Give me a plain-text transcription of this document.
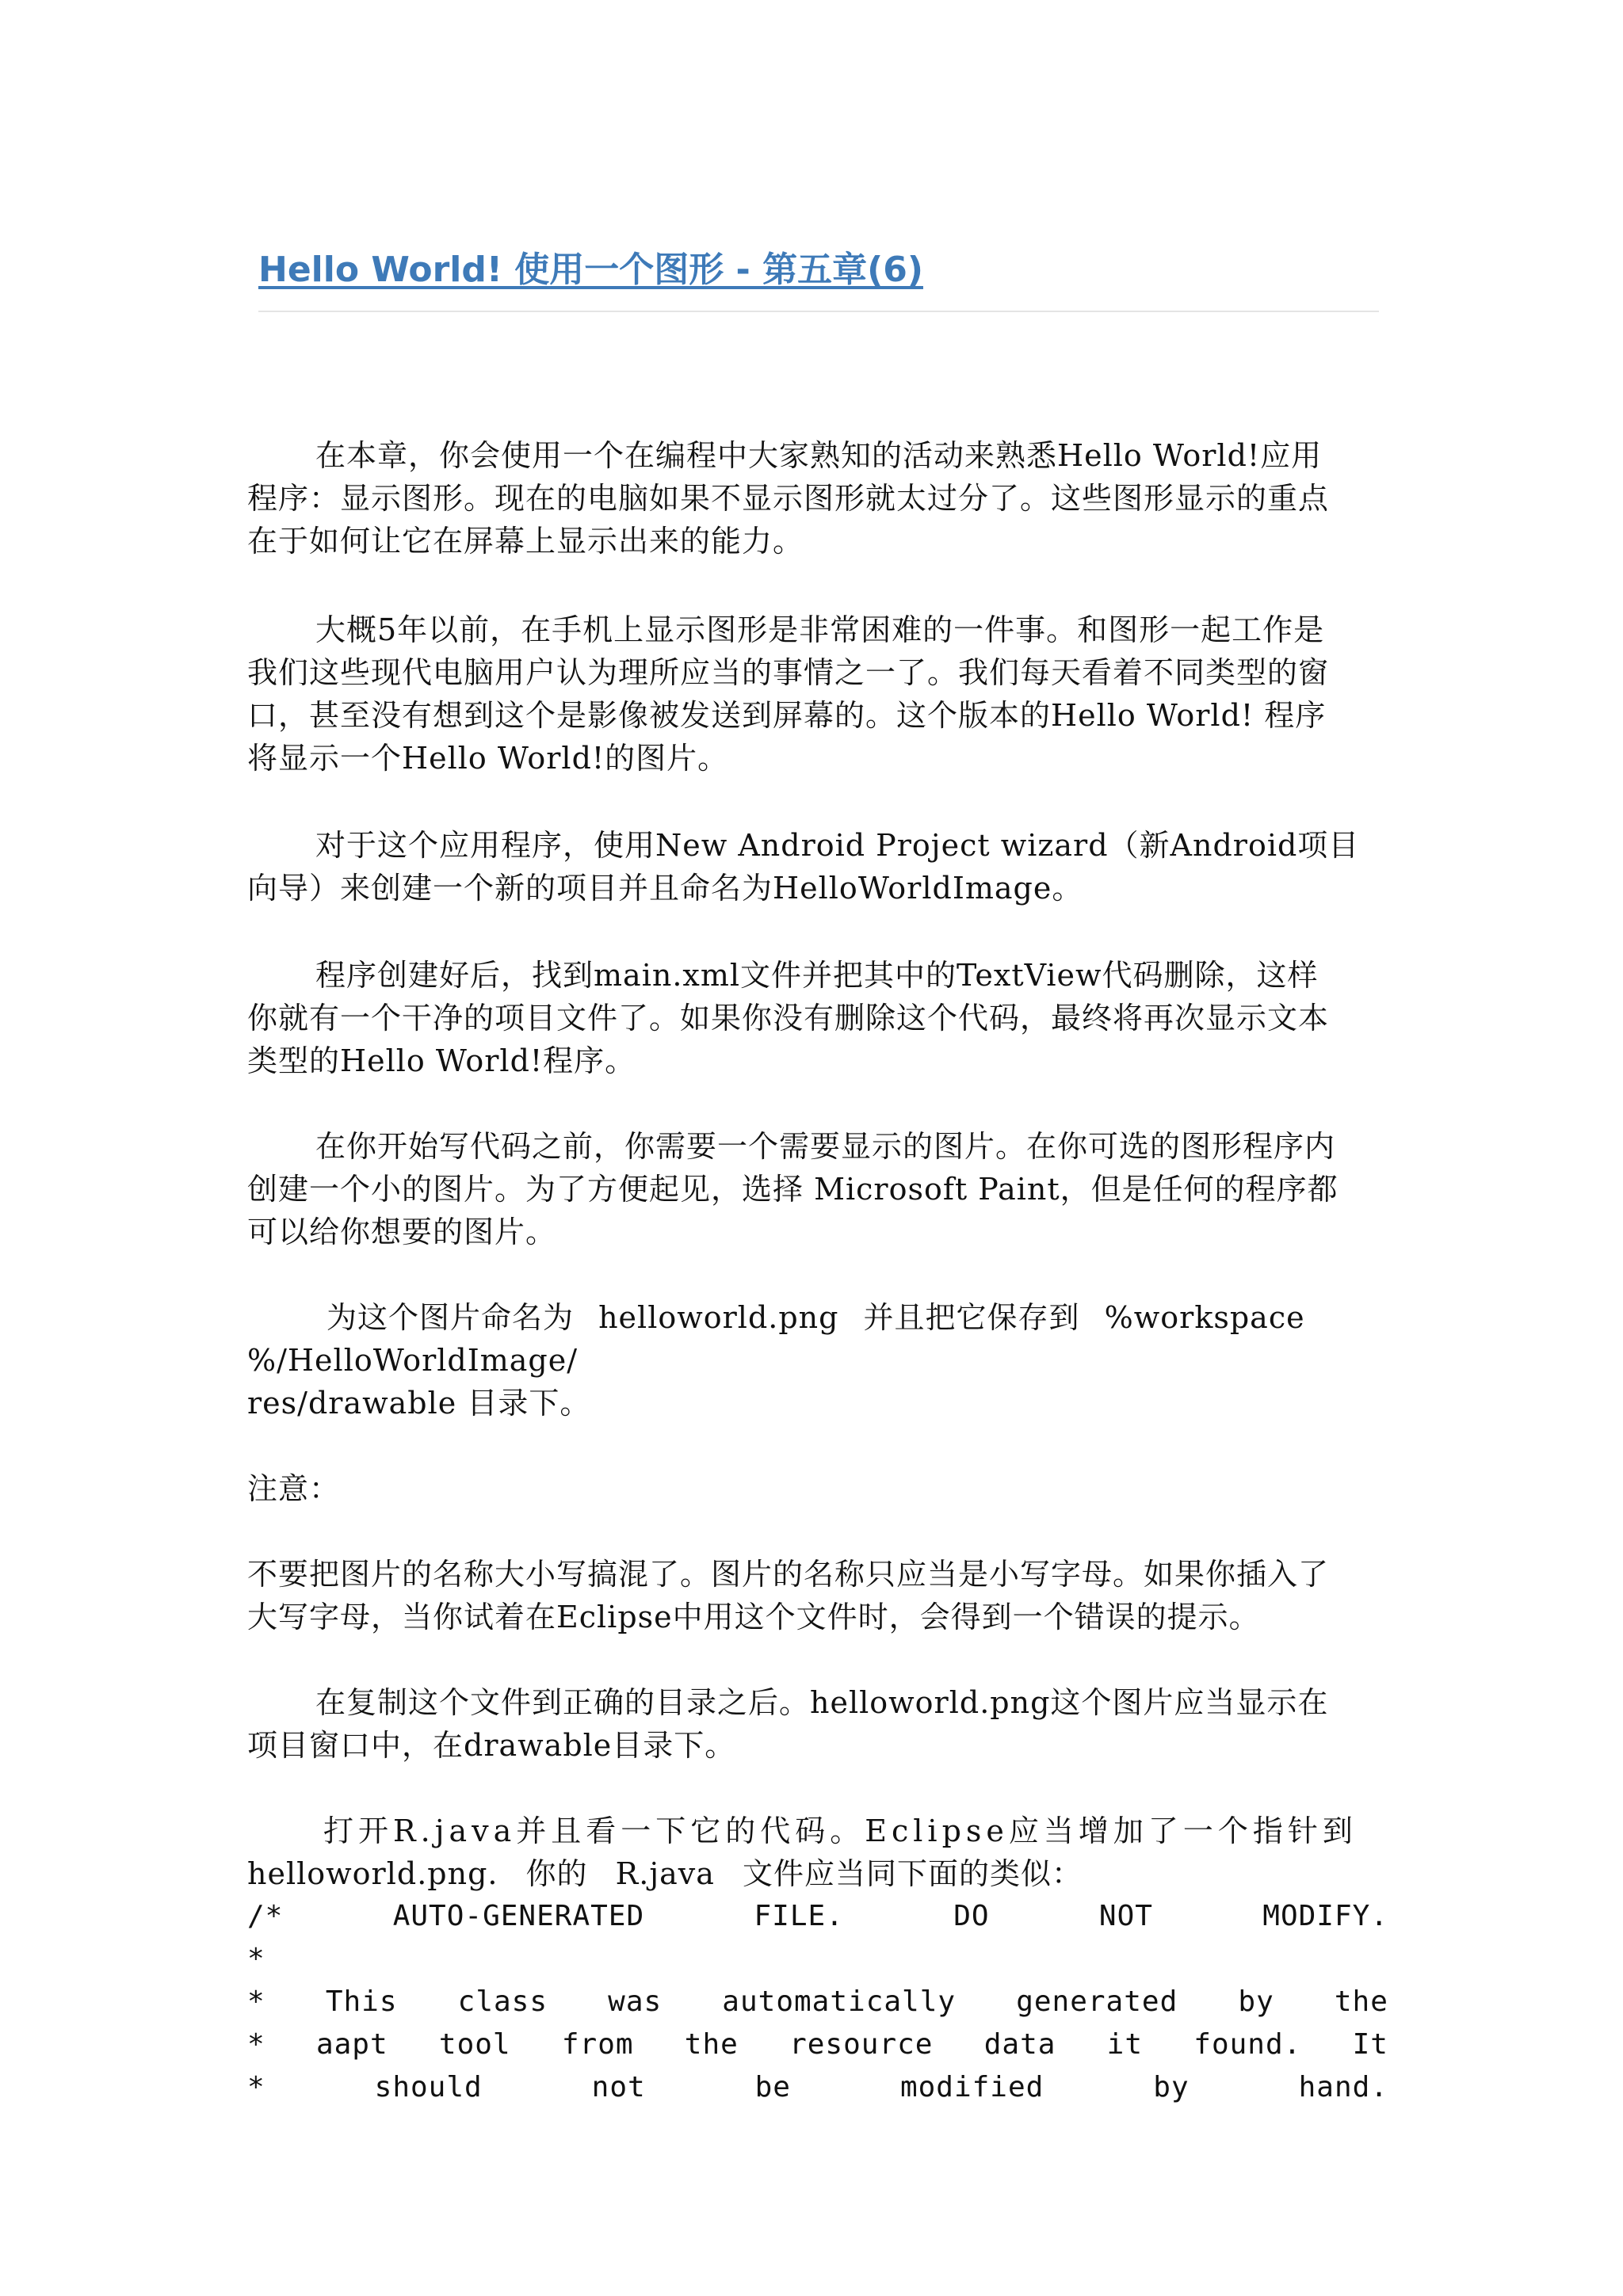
Hello World! 使用一个图形 - 第五章(6)
在本章，你会使用一个在编程中大家熟知的活动来熟悉Hello World!应用
程序：显示图形。现在的电脑如果不显示图形就太过分了。这些图形显示的重点
在于如何让它在屏幕上显示出来的能力。
大概5年以前，在手机上显示图形是非常困难的一件事。和图形一起工作是
我们这些现代电脑用户认为理所应当的事情之一了。我们每天看着不同类型的窗
口，甚至没有想到这个是影像被发送到屏幕的。这个版本的Hello World! 程序
将显示一个Hello World!的图片。
对于这个应用程序，使用New Android Project wizard（新Android项目
向导）来创建一个新的项目并且命名为HelloWorldImage。
程序创建好后，找到main.xml文件并把其中的TextView代码删除，这样
你就有一个干净的项目文件了。如果你没有删除这个代码，最终将再次显示文本
类型的Hello World!程序。
在你开始写代码之前，你需要一个需要显示的图片。在你可选的图形程序内
创建一个小的图片。为了方便起见，选择 Microsoft Paint，但是任何的程序都
可以给你想要的图片。
为这个图片命名为 helloworld.png 并且把它保存到 %workspace
%/HelloWorldImage/
res/drawable 目录下。
注意：
不要把图片的名称大小写搞混了。图片的名称只应当是小写字母。如果你插入了
大写字母，当你试着在Eclipse中用这个文件时，会得到一个错误的提示。
在复制这个文件到正确的目录之后。helloworld.png这个图片应当显示在
项目窗口中，在drawable目录下。
打开R.java并且看一下它的代码。Eclipse应当增加了一个指针到
helloworld.png. 你的 R.java 文件应当同下面的类似：
/*	AUTO-GENERATED	FILE.	DO	NOT	MODIFY.
*
* This class was automatically generated by the
* aapt tool from the resource data it found. It
*	should	not	be	modified	by	hand.
